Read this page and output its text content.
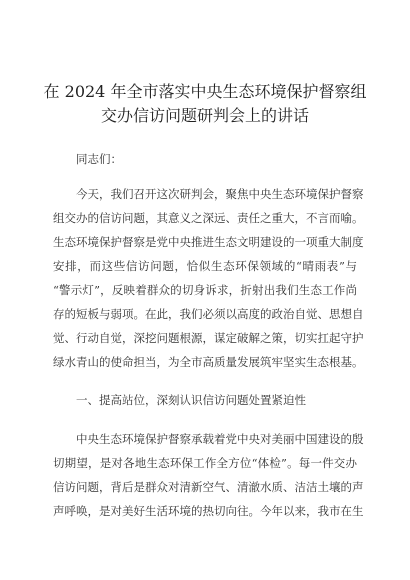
在 2024 年全市落实中央生态环境保护督察组
交办信访问题研判会上的讲话
同志们：
今天，我们召开这次研判会，聚焦中央生态环境保护督察
组交办的信访问题，其意义之深远、责任之重大，不言而喻。
生态环境保护督察是党中央推进生态文明建设的一项重大制度
安排，而这些信访问题，恰似生态环保领域的“晴雨表”与
“警示灯”，反映着群众的切身诉求，折射出我们生态工作尚
存的短板与弱项。在此，我们必须以高度的政治自觉、思想自
觉、行动自觉，深挖问题根源，谋定破解之策，切实扛起守护
绿水青山的使命担当，为全市高质量发展筑牢坚实生态根基。
一、提高站位，深刻认识信访问题处置紧迫性
中央生态环境保护督察承载着党中央对美丽中国建设的殷
切期望，是对各地生态环保工作全方位“体检”。每一件交办
信访问题，背后是群众对清新空气、清澈水质、洁洁土壤的声
声呼唤，是对美好生活环境的热切向往。今年以来，我市在生
